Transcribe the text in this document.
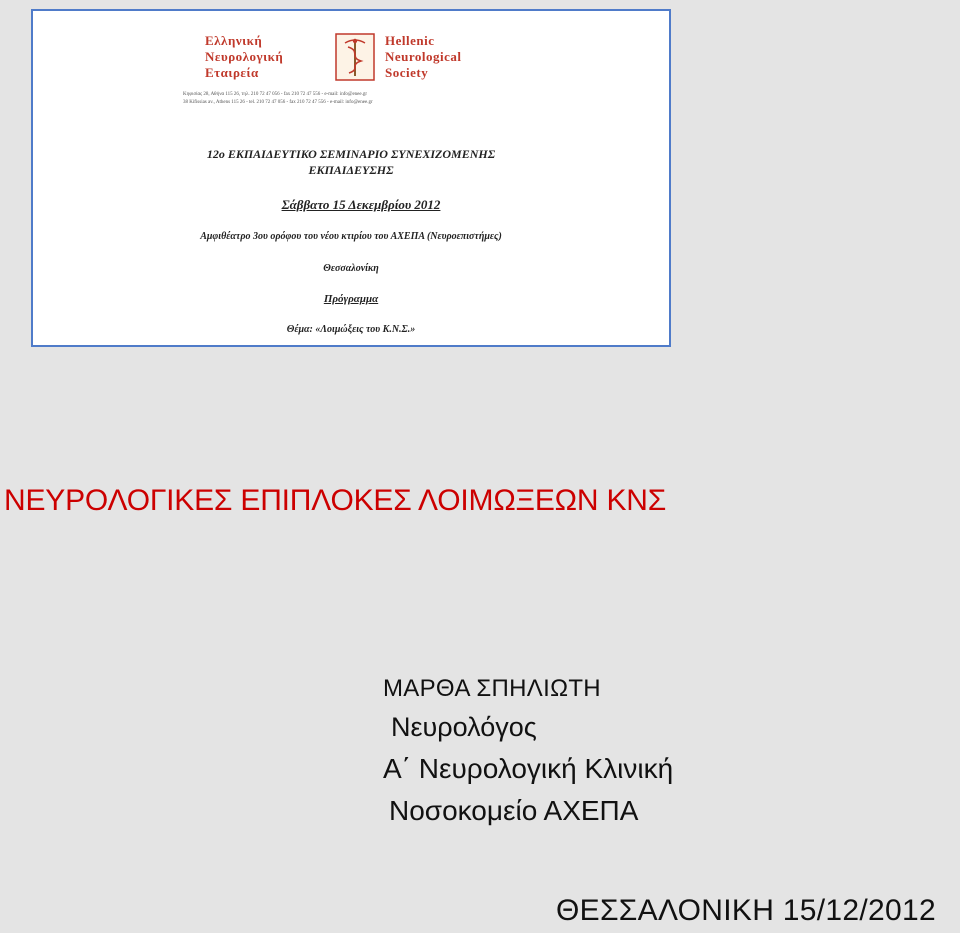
Ελληνική
Νευρολογική
Εταιρεία
Hellenic
Neurological
Society
Κηφισίας 28, Αθήνα 115 26, τηλ. 210 72 47 056 - fax 210 72 47 556 - e-mail: info@enee.gr
38 Kifissias av., Athens 115 26 - tel. 210 72 47 056 - fax 210 72 47 556 - e-mail: info@enee.gr
12ο ΕΚΠΑΙΔΕΥΤΙΚΟ ΣΕΜΙΝΑΡΙΟ ΣΥΝΕΧΙΖΟΜΕΝΗΣ
ΕΚΠΑΙΔΕΥΣΗΣ
Σάββατο 15 Δεκεμβρίου 2012
Αμφιθέατρο 3ου ορόφου του νέου κτιρίου του ΑΧΕΠΑ (Νευροεπιστήμες)
Θεσσαλονίκη
Πρόγραμμα
Θέμα: «Λοιμώξεις του Κ.Ν.Σ.»
ΝΕΥΡΟΛΟΓΙΚΕΣ ΕΠΙΠΛΟΚΕΣ ΛΟΙΜΩΞΕΩΝ ΚΝΣ
ΜΑΡΘΑ ΣΠΗΛΙΩΤΗ
Νευρολόγος
Α΄ Νευρολογική Κλινική
Νοσοκομείο ΑΧΕΠΑ
ΘΕΣΣΑΛΟΝΙΚΗ 15/12/2012
